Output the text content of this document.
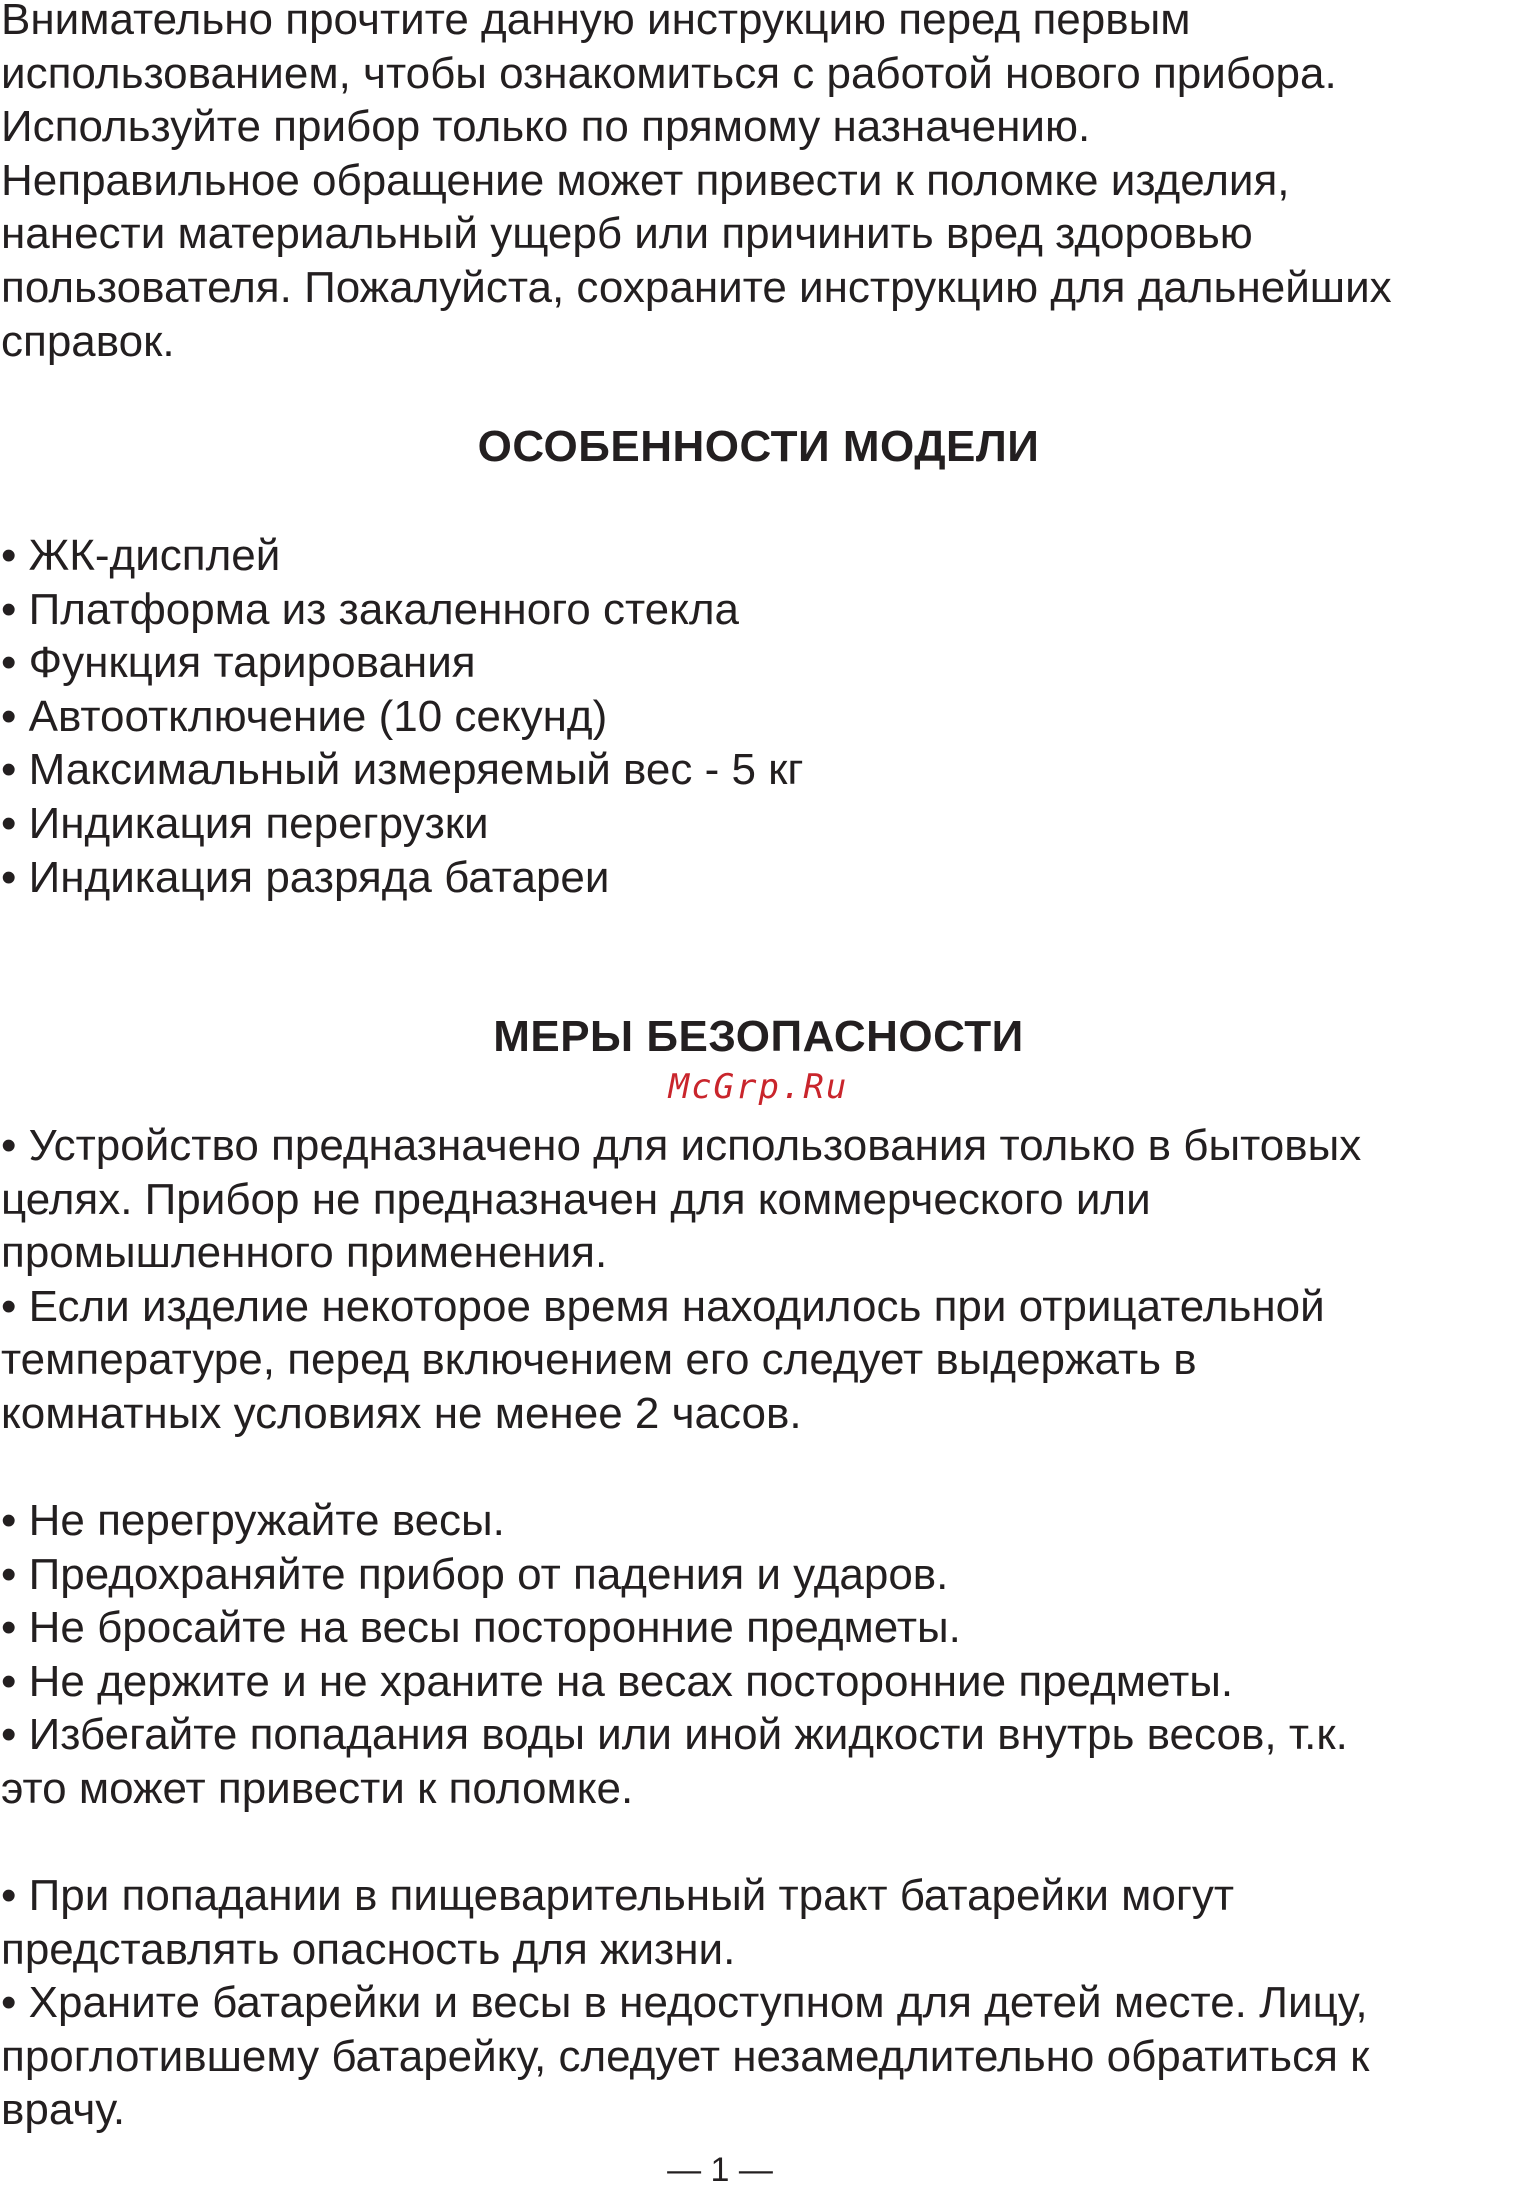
Внимательно прочтите данную инструкцию перед первым
использованием, чтобы ознакомиться с работой нового прибора.
Используйте прибор только по прямому назначению.
Неправильное обращение может привести к поломке изделия,
нанести материальный ущерб или причинить вред здоровью
пользователя. Пожалуйста, сохраните инструкцию для дальнейших
справок.

ОСОБЕННОСТИ МОДЕЛИ
• ЖК-дисплей
• Платформа из закаленного стекла
• Функция тарирования
• Автоотключение (10 секунд)
• Максимальный измеряемый вес - 5 кг
• Индикация перегрузки
• Индикация разряда батареи
МЕРЫ БЕЗОПАСНОСТИ
McGrp.Ru

• Устройство предназначено для использования только в бытовых
целях. Прибор не предназначен для коммерческого или
промышленного применения.
• Если изделие некоторое время находилось при отрицательной
температуре, перед включением его следует выдержать в
комнатных условиях не менее 2 часов.

• Не перегружайте весы.
• Предохраняйте прибор от падения и ударов.
• Не бросайте на весы посторонние предметы.
• Не держите и не храните на весах посторонние предметы.
• Избегайте попадания воды или иной жидкости внутрь весов, т.к.
это может привести к поломке.

• При попадании в пищеварительный тракт батарейки могут
представлять опасность для жизни.
• Храните батарейки и весы в недоступном для детей месте. Лицу,
проглотившему батарейку, следует незамедлительно обратиться к
врачу.

— 1 —
